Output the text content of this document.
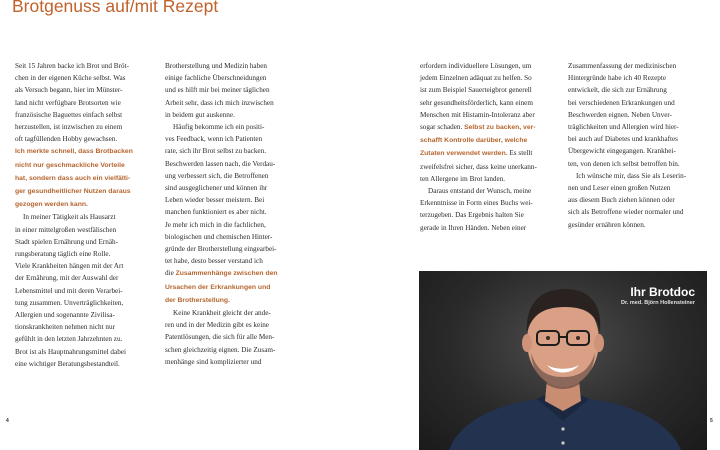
Brotgenuss auf/mit Rezept

Seit 15 Jahren backe ich Brot und Bröt-

chen in der eigenen Küche selbst. Was

als Versuch begann, hier im Münster-

land nicht verfügbare Brotsorten wie

französische Baguettes einfach selbst

herzustellen, ist inzwischen zu einem

oft tagfüllenden Hobby gewachsen.

Ich merkte schnell, dass Brotbacken

nicht nur geschmackliche Vorteile

hat, sondern dass auch ein vielfälti-

ger gesundheitlicher Nutzen daraus

gezogen werden kann.

In meiner Tätigkeit als Hausarzt

in einer mittelgroßen westfälischen

Stadt spielen Ernährung und Ernäh-

rungsberatung täglich eine Rolle.

Viele Krankheiten hängen mit der Art

der Ernährung, mit der Auswahl der

Lebensmittel und mit deren Verarbei-

tung zusammen. Unverträglichkeiten,

Allergien und sogenannte Zivilisa-

tionskrankheiten nehmen nicht nur

gefühlt in den letzten Jahrzehnten zu.

Brot ist als Hauptnahrungsmittel dabei

eine wichtiger Beratungsbestandteil.

Brotherstellung und Medizin haben

einige fachliche Überschneidungen

und es hilft mir bei meiner täglichen

Arbeit sehr, dass ich mich inzwischen

in beidem gut auskenne.

Häufig bekomme ich ein positi-

ves Feedback, wenn ich Patienten

rate, sich ihr Brot selbst zu backen.

Beschwerden lassen nach, die Verdau-

ung verbessert sich, die Betroffenen

sind ausgeglichener und können ihr

Leben wieder besser meistern. Bei

manchen funktioniert es aber nicht.

Je mehr ich mich in die fachlichen,

biologischen und chemischen Hinter-

gründe der Brotherstellung eingearbei-

tet habe, desto besser verstand ich

die Zusammenhänge zwischen den

Ursachen der Erkrankungen und

der Brotherstellung.

Keine Krankheit gleicht der ande-

ren und in der Medizin gibt es keine

Patentlösungen, die sich für alle Men-

schen gleichzeitig eignen. Die Zusam-

menhänge sind komplizierter und

erfordern individuellere Lösungen, um

jedem Einzelnen adäquat zu helfen. So

ist zum Beispiel Sauerteigbrot generell

sehr gesundheitsförderlich, kann einem

Menschen mit Histamin-Intoleranz aber

sogar schaden. Selbst zu backen, ver-

schafft Kontrolle darüber, welche

Zutaten verwendet werden. Es stellt

zweifelsfrei sicher, dass keine unerkann-

ten Allergene im Brot landen.

Daraus entstand der Wunsch, meine

Erkenntnisse in Form eines Buchs wei-

terzugeben. Das Ergebnis halten Sie

gerade in Ihren Händen. Neben einer

Zusammenfassung der medizinischen

Hintergründe habe ich 40 Rezepte

entwickelt, die sich zur Ernährung

bei verschiedenen Erkrankungen und

Beschwerden eignen. Neben Unver-

träglichkeiten und Allergien wird hier-

bei auch auf Diabetes und krankhaftes

Übergewicht eingegangen. Krankhei-

ten, von denen ich selbst betroffen bin.

Ich wünsche mir, dass Sie als Leserin-

nen und Leser einen großen Nutzen

aus diesem Buch ziehen können oder

sich als Betroffene wieder normaler und

gesünder ernähren können.

Ihr Brotdoc
Dr. med. Björn Hollensteiner
4	5
